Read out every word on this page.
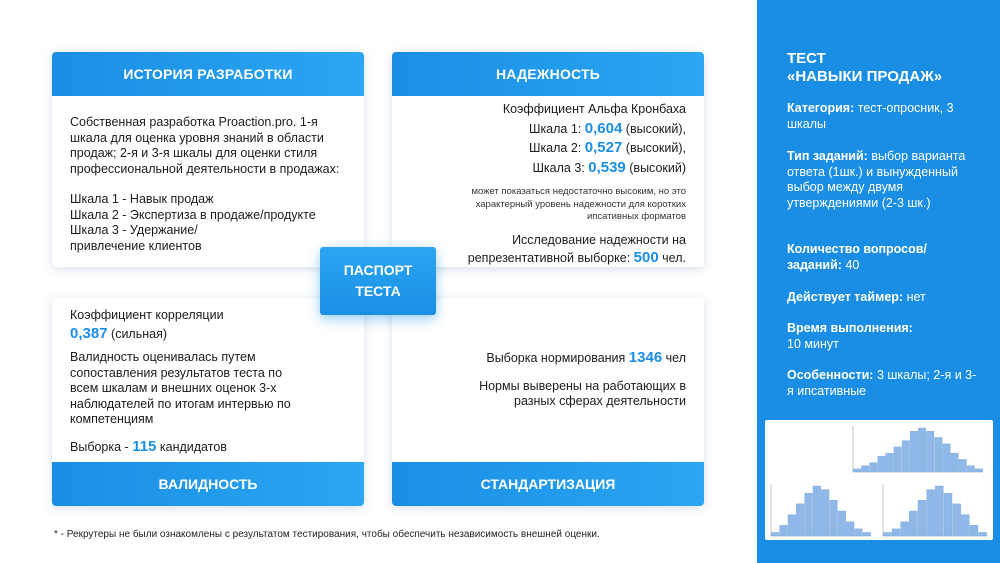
ИСТОРИЯ РАЗРАБОТКИ
Собственная разработка Proaction.pro. 1-я
шкала для оценка уровня знаний в области
продаж; 2-я и 3-я шкалы для оценки стиля
профессиональной деятельности в продажах:
Шкала 1 - Навык продаж
Шкала 2 - Экспертиза в продаже/продукте
Шкала 3 - Удержание/
привлечение клиентов
НАДЕЖНОСТЬ
Коэффициент Альфа Кронбаха
Шкала 1: 0,604 (высокий),
Шкала 2: 0,527 (высокий),
Шкала 3: 0,539 (высокий)
может показаться недостаточно высоким, но это
характерный уровень надежности для коротких
ипсативных форматов
Исследование надежности на
репрезентативной выборке: 500 чел.
Коэффициент корреляции
0,387 (сильная)
Валидность оценивалась путем
сопоставления результатов теста по
всем шкалам и внешних оценок 3-х
наблюдателей по итогам интервью по
компетенциям
Выборка - 115 кандидатов
ВАЛИДНОСТЬ
Выборка нормирования 1346 чел
Нормы выверены на работающих в
разных сферах деятельности
СТАНДАРТИЗАЦИЯ
ПАСПОРТ
ТЕСТА
* - Рекрутеры не были ознакомлены с результатом тестирования, чтобы обеспечить независимость внешней оценки.
ТЕСТ
«НАВЫКИ ПРОДАЖ»
Категория: тест-опросник, 3 шкалы
Тип заданий: выбор варианта ответа (1шк.) и вынужденный выбор между двумя утверждениями (2-3 шк.)
Количество вопросов/заданий: 40
Действует таймер: нет
Время выполнения:
10 минут
Особенности: 3 шкалы; 2-я и 3-я ипсативные
